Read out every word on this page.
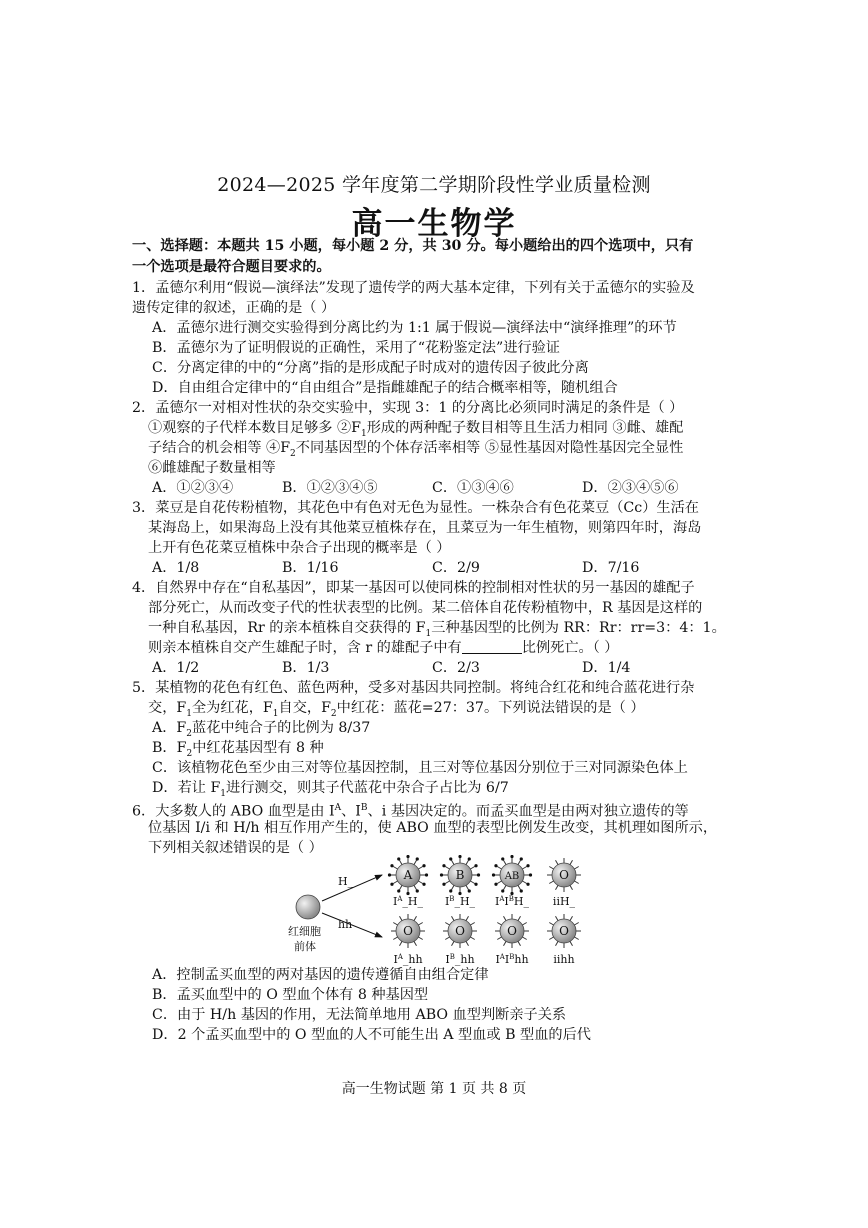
2024—2025 学年度第二学期阶段性学业质量检测
高一生物学
一、选择题：本题共 15 小题，每小题 2 分，共 30 分。每小题给出的四个选项中，只有
一个选项是最符合题目要求的。
1．孟德尔利用“假说—演绎法”发现了遗传学的两大基本定律，下列有关于孟德尔的实验及
遗传定律的叙述，正确的是（ ）
A．孟德尔进行测交实验得到分离比约为 1:1 属于假说—演绎法中“演绎推理”的环节
B．孟德尔为了证明假说的正确性，采用了“花粉鉴定法”进行验证
C．分离定律的中的“分离”指的是形成配子时成对的遗传因子彼此分离
D．自由组合定律中的“自由组合”是指雌雄配子的结合概率相等，随机组合
2．孟德尔一对相对性状的杂交实验中，实现 3：1 的分离比必须同时满足的条件是（ ）
①观察的子代样本数目足够多 $②F_1$形成的两种配子数目相等且生活力相同 ③雌、雄配
子结合的机会相等 $④F_2$不同基因型的个体存活率相等 ⑤显性基因对隐性基因完全显性
⑥雌雄配子数量相等
A．①②③④	B．①②③④⑤	C．①③④⑥	D．②③④⑤⑥
3．菜豆是自花传粉植物，其花色中有色对无色为显性。一株杂合有色花菜豆（Cc）生活在
某海岛上，如果海岛上没有其他菜豆植株存在，且菜豆为一年生植物，则第四年时，海岛
上开有色花菜豆植株中杂合子出现的概率是（ ）
A．1/8	B．1/16	C．2/9	D．7/16
4．自然界中存在“自私基因”，即某一基因可以使同株的控制相对性状的另一基因的雄配子
部分死亡，从而改变子代的性状表型的比例。某二倍体自花传粉植物中，R 基因是这样的
一种自私基因，Rr 的亲本植株自交获得的 $F_1$三种基因型的比例为 RR：Rr：rr=3：4：1。
则亲本植株自交产生雄配子时，含 r 的雄配子中有	比例死亡。（ ）
A．1/2	B．1/3	C．2/3	D．1/4
5．某植物的花色有红色、蓝色两种，受多对基因共同控制。将纯合红花和纯合蓝花进行杂
交，$F_1$全为红花，$F_1$自交，$F_2$中红花：蓝花=27：37。下列说法错误的是（ ）
A．$F_2$蓝花中纯合子的比例为 8/37
B．$F_2$中红花基因型有 8 种
C．该植物花色至少由三对等位基因控制，且三对等位基因分别位于三对同源染色体上
D．若让 $F_1$进行测交，则其子代蓝花中杂合子占比为 6/7
6．大多数人的 ABO 血型是由 $I^A$、$I^B$、i 基因决定的。而孟买血型是由两对独立遗传的等
位基因 I/i 和 H/h 相互作用产生的，使 ABO 血型的表型比例发生改变，其机理如图所示，
下列相关叙述错误的是（ ）
红细胞
前体
H_
hh
A
$I^A\_H\_$
B
$I^B\_H\_$
AB
$I^AI^BH\_$
O
iiH_
O
$I^A\_hh$
O
$I^B\_hh$
O
$I^AI^Bhh$
O
iihh
A．控制孟买血型的两对基因的遗传遵循自由组合定律
B．孟买血型中的 O 型血个体有 8 种基因型
C．由于 H/h 基因的作用，无法简单地用 ABO 血型判断亲子关系
D．2 个孟买血型中的 O 型血的人不可能生出 A 型血或 B 型血的后代
高一生物试题 第 1 页 共 8 页
